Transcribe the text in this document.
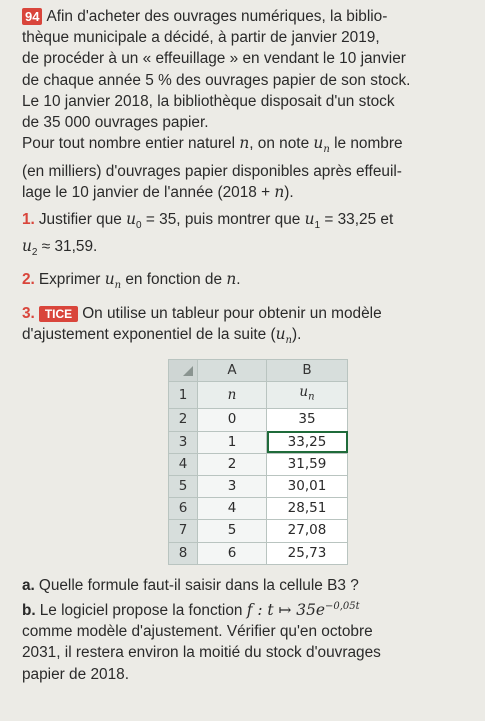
94 Afin d'acheter des ouvrages numériques, la biblio-
thèque municipale a décidé, à partir de janvier 2019,
de procéder à un « effeuillage » en vendant le 10 janvier
de chaque année 5 % des ouvrages papier de son stock.
Le 10 janvier 2018, la bibliothèque disposait d'un stock
de 35 000 ouvrages papier.

Pour tout nombre entier naturel n, on note $u_n$ le nombre
(en milliers) d'ouvrages papier disponibles après effeuil-
lage le 10 janvier de l'année (2018 + n).

1. Justifier que $u_0 = 35$, puis montrer que $u_1 = 33,25$ et
$u_2 \approx 31,59$.

2. Exprimer $u_n$ en fonction de n.

3. TICE On utilise un tableur pour obtenir un modèle
d'ajustement exponentiel de la suite $(u_n)$.

	A	B
1	n	$u_n$
2	0	35
3	1	33,25
4	2	31,59
5	3	30,01
6	4	28,51
7	5	27,08
8	6	25,73

a. Quelle formule faut-il saisir dans la cellule B3 ?

b. Le logiciel propose la fonction f : t ↦ $35e^{-0,05t}$
comme modèle d'ajustement. Vérifier qu'en octobre
2031, il restera environ la moitié du stock d'ouvrages
papier de 2018.
